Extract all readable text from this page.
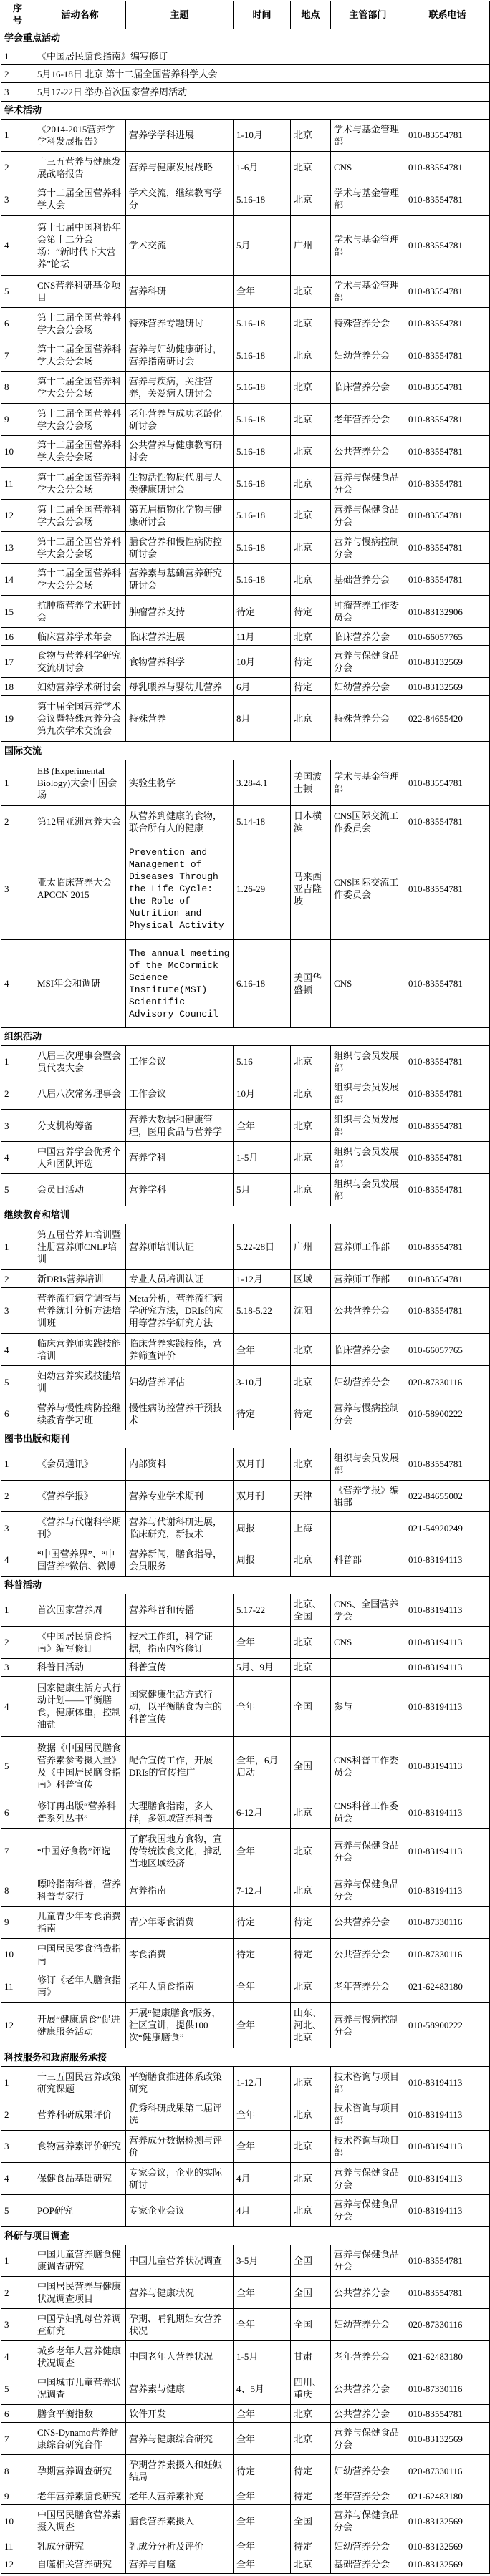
序号	活动名称	主题	时间	地点	主管部门	联系电话
学会重点活动						
1	《中国居民膳食指南》编写修订					
2	5月16-18日 北京 第十二届全国营养科学大会					
3	5月17-22日 举办首次国家营养周活动					
学术活动						
1	《2014-2015营养学学科发展报告》	营养学学科进展	1-10月	北京	学术与基金管理部	010-83554781
2	十三五营养与健康发展战略报告	营养与健康发展战略	1-6月	北京	CNS	010-83554781
3	第十二届全国营养科学大会	学术交流，继续教育学分	5.16-18	北京	学术与基金管理部	010-83554781
4	第十七届中国科协年会第十二分会场：“新时代下大营养”论坛	学术交流	5月	广州	学术与基金管理部	010-83554781
5	CNS营养科研基金项目	营养科研	全年	北京	学术与基金管理部	010-83554781
6	第十二届全国营养科学大会分会场	特殊营养专题研讨	5.16-18	北京	特殊营养分会	010-83554781
7	第十二届全国营养科学大会分会场	营养与妇幼健康研讨，营养指南研讨会	5.16-18	北京	妇幼营养分会	010-83554781
8	第十二届全国营养科学大会分会场	营养与疾病，关注营养，关爱病人研讨会	5.16-18	北京	临床营养分会	010-83554781
9	第十二届全国营养科学大会分会场	老年营养与成功老龄化研讨会	5.16-18	北京	老年营养分会	010-83554781
10	第十二届全国营养科学大会分会场	公共营养与健康教育研讨会	5.16-18	北京	公共营养分会	010-83554781
11	第十二届全国营养科学大会分会场	生物活性物质代谢与人类健康研讨会	5.16-18	北京	营养与保健食品分会	010-83554781
12	第十二届全国营养科学大会分会场	第五届植物化学物与健康研讨会	5.16-18	北京	营养与保健食品分会	010-83554781
13	第十二届全国营养科学大会分会场	膳食营养和慢性病防控研讨会	5.16-18	北京	营养与慢病控制分会	010-83554781
14	第十二届全国营养科学大会分会场	营养素与基础营养研究研讨会	5.16-18	北京	基础营养分会	010-83554781
15	抗肿瘤营养学术研讨会	肿瘤营养支持	待定	待定	肿瘤营养工作委员会	010-83132906
16	临床营养学术年会	临床营养进展	11月	北京	临床营养分会	010-66057765
17	食物与营养科学研究交流研讨会	食物营养科学	10月	待定	营养与保健食品分会	010-83132569
18	妇幼营养学术研讨会	母乳喂养与婴幼儿营养	6月	待定	妇幼营养分会	010-83132569
19	第十届全国营养学术会议暨特殊营养分会第九次学术交流会	特殊营养	8月	北京	特殊营养分会	022-84655420
国际交流						
1	EB (Experimental Biology)大会中国会场	实验生物学	3.28-4.1	美国波士顿	学术与基金管理部	010-83554781
2	第12届亚洲营养大会	从营养到健康的食物，联合所有人的健康	5.14-18	日本横滨	CNS国际交流工作委员会	010-83554781
3	亚太临床营养大会 APCCN 2015	Prevention and Management of Diseases Through the Life Cycle: the Role of Nutrition and Physical Activity	1.26-29	马来西亚吉隆坡	CNS国际交流工作委员会	010-83554781
4	MSI年会和调研	The annual meeting of the McCormick Science Institute(MSI) Scientific Advisory Council	6.16-18	美国华盛顿	CNS	010-83554781
组织活动						
1	八届三次理事会暨会员代表大会	工作会议	5.16	北京	组织与会员发展部	010-83554781
2	八届八次常务理事会	工作会议	10月	北京	组织与会员发展部	010-83554781
3	分支机构筹备	营养大数据和健康管理，医用食品与营养学	全年	北京	组织与会员发展部	010-83554781
4	中国营养学会优秀个人和团队评选	营养学科	1-5月	北京	组织与会员发展部	010-83554781
5	会员日活动	营养学科	5月	北京	组织与会员发展部	010-83554781
继续教育和培训						
1	第五届营养师培训暨注册营养师CNLP培训	营养师培训认证	5.22-28日	广州	营养师工作部	010-83554781
2	新DRIs营养培训	专业人员培训认证	1-12月	区域	营养师工作部	010-83554781
3	营养流行病学调查与营养统计分析方法培训班	Meta分析，营养流行病学研究方法，DRIs的应用等营养学研究方法	5.18-5.22	沈阳	公共营养分会	010-83554781
4	临床营养师实践技能培训	临床营养实践技能，营养筛查评价	全年	北京	临床营养分会	010-66057765
5	妇幼营养实践技能培训	妇幼营养评估	3-10月	北京	妇幼营养分会	020-87330116
6	营养与慢性病防控继续教育学习班	慢性病防控营养干预技术	待定	待定	营养与慢病控制分会	010-58900222
图书出版和期刊						
1	《会员通讯》	内部资料	双月刊	北京	组织与会员发展部	010-83554781
2	《营养学报》	营养专业学术期刊	双月刊	天津	《营养学报》编辑部	022-84655002
3	《营养与代谢科学期刊》	营养与代谢科研进展，临床研究，新技术	周报	上海		021-54920249
4	“中国营养界”、“中国营养”微信、微博	营养新闻，膳食指导，会员服务	周报	北京	科普部	010-83194113
科普活动						
1	首次国家营养周	营养科普和传播	5.17-22	北京、全国	CNS、全国营养学会	010-83194113
2	《中国居民膳食指南》编写修订	技术工作组，科学证据，指南内容修订	全年	北京	CNS	010-83194113
3	科普日活动	科普宣传	5月、9月	北京		010-83194113
4	国家健康生活方式行动计划——平衡膳食，健康体重，控制油盐	国家健康生活方式行动，以平衡膳食为主的科普宣传	全年	全国	参与	010-83194113
5	数据《中国居民膳食营养素参考摄入量》及《中国居民膳食指南》科普宣传	配合宣传工作，开展DRIs的宣传推广	全年，6月启动	全国	CNS科普工作委员会	010-83194113
6	修订再出版“营养科普系列丛书”	大理膳食指南，多人群，多领域营养科普	6-12月	北京	CNS科普工作委员会	010-83194113
7	“中国好食物”评选	了解我国地方食物，宣传传统饮食文化，推动当地区域经济	全年	北京	营养与保健食品分会	010-83194113
8	嘌呤指南科普，营养科普专家行	营养指南	7-12月	北京	营养与保健食品分会	010-83194113
9	儿童青少年零食消费指南	青少年零食消费	待定	待定	公共营养分会	010-87330116
10	中国居民零食消费指南	零食消费	待定	待定	公共营养分会	010-87330116
11	修订《老年人膳食指南》	老年人膳食指南	全年	北京	老年营养分会	021-62483180
12	开展“健康膳食”促进健康服务活动	开展“健康膳食”服务，社区宣讲，提供100次“健康膳食”	全年	山东、河北、北京	营养与慢病控制分会	010-58900222
科技服务和政府服务承接						
1	十三五国民营养政策研究课题	平衡膳食推进体系政策研究	1-12月	北京	技术咨询与项目部	010-83194113
2	营养科研成果评价	优秀科研成果第二届评选	全年	北京	技术咨询与项目部	010-83194113
3	食物营养素评价研究	营养成分数据检测与评价	全年	北京	技术咨询与项目部	010-83194113
4	保健食品基础研究	专家会议，企业的实际研讨	4月	北京	营养与保健食品分会	010-83194113
5	POP研究	专家企业会议	4月	北京	营养与保健食品分会	010-83194113
科研与项目调查						
1	中国儿童营养膳食健康调查研究	中国儿童营养状况调查	3-5月	全国	营养与保健食品分会	010-83554781
2	中国居民营养与健康状况调查项目	营养与健康状况	全年	全国	公共营养分会	010-83554781
3	中国孕妇乳母营养调查研究	孕期、哺乳期妇女营养状况	全年	全国	妇幼营养分会	020-87330116
4	城乡老年人营养健康状况调查	中国老年人营养状况	1-5月	甘肃	老年营养分会	021-62483180
5	中国城市儿童营养状况调查	营养素与健康	4、5月	四川、重庆	公共营养分会	010-87330116
6	膳食平衡指数	软件开发	全年	北京	公共营养分会	010-83554781
7	CNS-Dynamo营养健康综合研究合作	营养与健康综合研究	全年	北京	营养与保健食品分会	010-83132569
8	孕期营养调查研究	孕期营养素摄入和妊娠结局	待定	待定	妇幼营养分会	020-87330116
9	老年营养素膳食研究	老年人营养素补充	全年	待定	老年营养分会	021-62483180
10	中国居民膳食营养素摄入调查	膳食营养素摄入	全年	全国	营养与保健食品分会	010-83132569
11	乳成分研究	乳成分分析及评价	全年	待定	妇幼营养分会	010-83132569
12	自噬相关营养研究	营养与自噬	全年	北京	基础营养分会	010-83132569
